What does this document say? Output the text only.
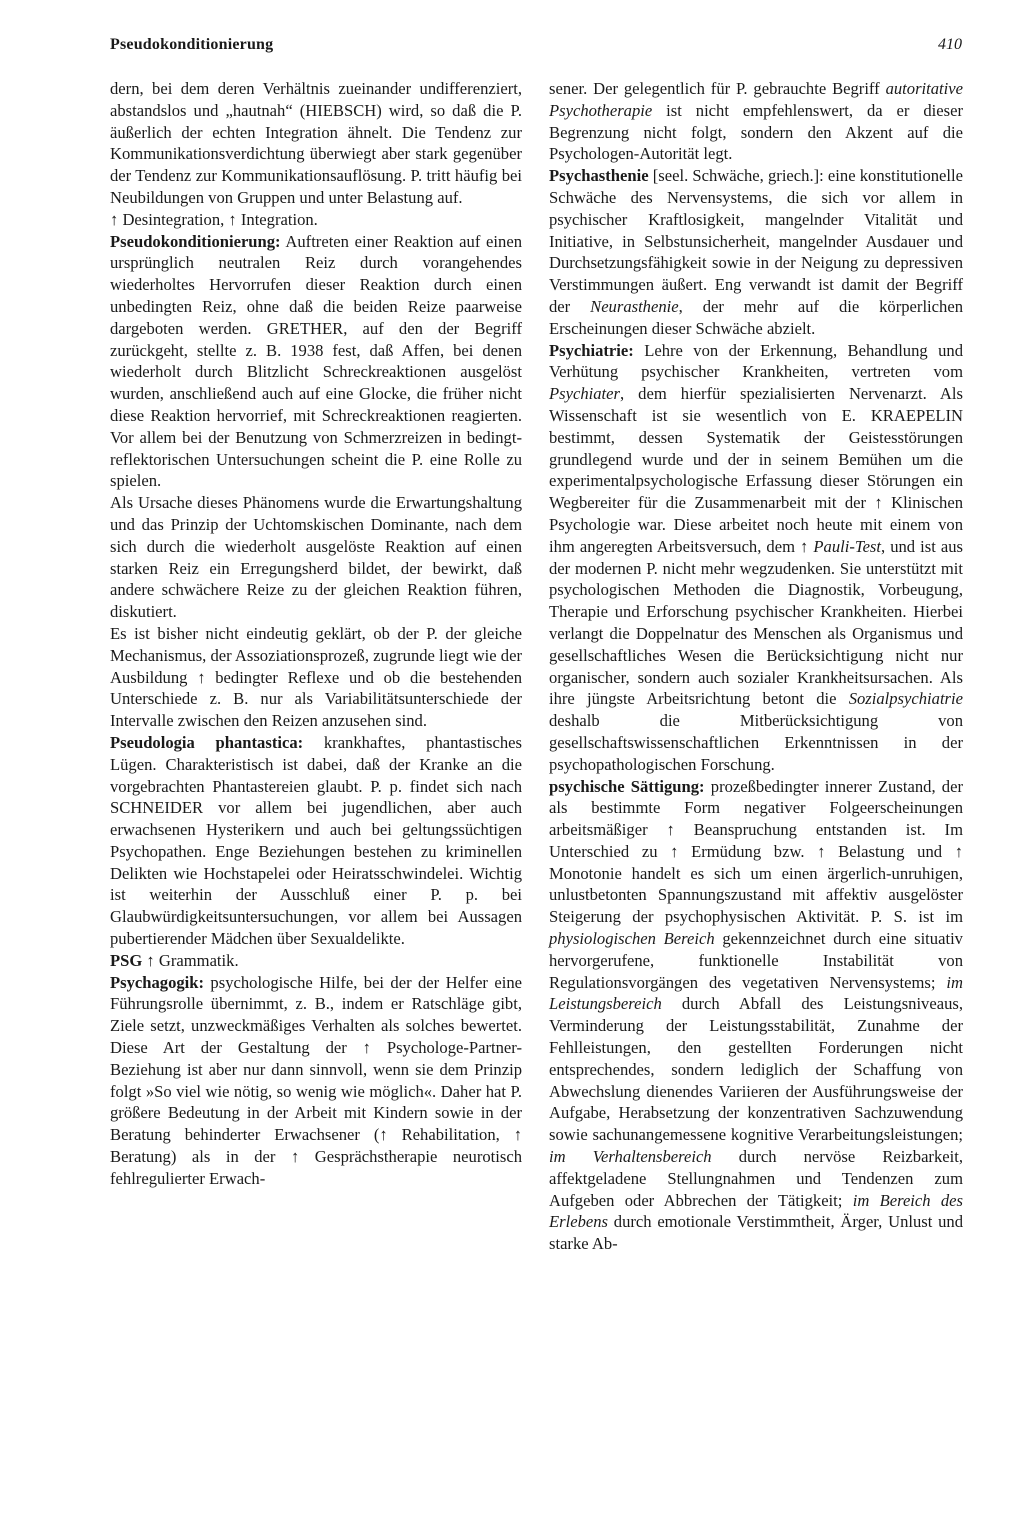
Pseudokonditionierung	410

dern, bei dem deren Verhältnis zueinander undifferenziert, abstandslos und „hautnah“ (HIEBSCH) wird, so daß die P. äußerlich der echten Integration ähnelt. Die Tendenz zur Kommunikationsverdichtung überwiegt aber stark gegenüber der Tendenz zur Kommunikationsauflösung. P. tritt häufig bei Neubildungen von Gruppen und unter Belastung auf.

↑ Desintegration, ↑ Integration.

Pseudokonditionierung: Auftreten einer Reaktion auf einen ursprünglich neutralen Reiz durch vorangehendes wiederholtes Hervorrufen dieser Reaktion durch einen unbedingten Reiz, ohne daß die beiden Reize paarweise dargeboten werden. GRETHER, auf den der Begriff zurückgeht, stellte z. B. 1938 fest, daß Affen, bei denen wiederholt durch Blitzlicht Schreckreaktionen ausgelöst wurden, anschließend auch auf eine Glocke, die früher nicht diese Reaktion hervorrief, mit Schreckreaktionen reagierten. Vor allem bei der Benutzung von Schmerzreizen in bedingt-reflektorischen Untersuchungen scheint die P. eine Rolle zu spielen.

Als Ursache dieses Phänomens wurde die Erwartungshaltung und das Prinzip der Uchtomskischen Dominante, nach dem sich durch die wiederholt ausgelöste Reaktion auf einen starken Reiz ein Erregungsherd bildet, der bewirkt, daß andere schwächere Reize zu der gleichen Reaktion führen, diskutiert.

Es ist bisher nicht eindeutig geklärt, ob der P. der gleiche Mechanismus, der Assoziationsprozeß, zugrunde liegt wie der Ausbildung ↑ bedingter Reflexe und ob die bestehenden Unterschiede z. B. nur als Variabilitätsunterschiede der Intervalle zwischen den Reizen anzusehen sind.

Pseudologia phantastica: krankhaftes, phantastisches Lügen. Charakteristisch ist dabei, daß der Kranke an die vorgebrachten Phantastereien glaubt. P. p. findet sich nach SCHNEIDER vor allem bei jugendlichen, aber auch erwachsenen Hysterikern und auch bei geltungssüchtigen Psychopathen. Enge Beziehungen bestehen zu kriminellen Delikten wie Hochstapelei oder Heiratsschwindelei. Wichtig ist weiterhin der Ausschluß einer P. p. bei Glaubwürdigkeitsuntersuchungen, vor allem bei Aussagen pubertierender Mädchen über Sexualdelikte.

PSG ↑ Grammatik.

Psychagogik: psychologische Hilfe, bei der der Helfer eine Führungsrolle übernimmt, z. B., indem er Ratschläge gibt, Ziele setzt, unzweckmäßiges Verhalten als solches bewertet. Diese Art der Gestaltung der ↑ Psychologe-Partner-Beziehung ist aber nur dann sinnvoll, wenn sie dem Prinzip folgt »So viel wie nötig, so wenig wie möglich«. Daher hat P. größere Bedeutung in der Arbeit mit Kindern sowie in der Beratung behinderter Erwachsener (↑ Rehabilitation, ↑ Beratung) als in der ↑ Gesprächstherapie neurotisch fehlregulierter Erwach-

sener. Der gelegentlich für P. gebrauchte Begriff autoritative Psychotherapie ist nicht empfehlenswert, da er dieser Begrenzung nicht folgt, sondern den Akzent auf die Psychologen-Autorität legt.

Psychasthenie [seel. Schwäche, griech.]: eine konstitutionelle Schwäche des Nervensystems, die sich vor allem in psychischer Kraftlosigkeit, mangelnder Vitalität und Initiative, in Selbstunsicherheit, mangelnder Ausdauer und Durchsetzungsfähigkeit sowie in der Neigung zu depressiven Verstimmungen äußert. Eng verwandt ist damit der Begriff der Neurasthenie, der mehr auf die körperlichen Erscheinungen dieser Schwäche abzielt.

Psychiatrie: Lehre von der Erkennung, Behandlung und Verhütung psychischer Krankheiten, vertreten vom Psychiater, dem hierfür spezialisierten Nervenarzt. Als Wissenschaft ist sie wesentlich von E. KRAEPELIN bestimmt, dessen Systematik der Geistesstörungen grundlegend wurde und der in seinem Bemühen um die experimentalpsychologische Erfassung dieser Störungen ein Wegbereiter für die Zusammenarbeit mit der ↑ Klinischen Psychologie war. Diese arbeitet noch heute mit einem von ihm angeregten Arbeitsversuch, dem ↑ Pauli-Test, und ist aus der modernen P. nicht mehr wegzudenken. Sie unterstützt mit psychologischen Methoden die Diagnostik, Vorbeugung, Therapie und Erforschung psychischer Krankheiten. Hierbei verlangt die Doppelnatur des Menschen als Organismus und gesellschaftliches Wesen die Berücksichtigung nicht nur organischer, sondern auch sozialer Krankheitsursachen. Als ihre jüngste Arbeitsrichtung betont die Sozialpsychiatrie deshalb die Mitberücksichtigung von gesellschaftswissenschaftlichen Erkenntnissen in der psychopathologischen Forschung.

psychische Sättigung: prozeßbedingter innerer Zustand, der als bestimmte Form negativer Folgeerscheinungen arbeitsmäßiger ↑ Beanspruchung entstanden ist. Im Unterschied zu ↑ Ermüdung bzw. ↑ Belastung und ↑ Monotonie handelt es sich um einen ärgerlich-unruhigen, unlustbetonten Spannungszustand mit affektiv ausgelöster Steigerung der psychophysischen Aktivität. P. S. ist im physiologischen Bereich gekennzeichnet durch eine situativ hervorgerufene, funktionelle Instabilität von Regulationsvorgängen des vegetativen Nervensystems; im Leistungsbereich durch Abfall des Leistungsniveaus, Verminderung der Leistungsstabilität, Zunahme der Fehlleistungen, den gestellten Forderungen nicht entsprechendes, sondern lediglich der Schaffung von Abwechslung dienendes Variieren der Ausführungsweise der Aufgabe, Herabsetzung der konzentrativen Sachzuwendung sowie sachunangemessene kognitive Verarbeitungsleistungen; im Verhaltensbereich durch nervöse Reizbarkeit, affektgeladene Stellungnahmen und Tendenzen zum Aufgeben oder Abbrechen der Tätigkeit; im Bereich des Erlebens durch emotionale Verstimmtheit, Ärger, Unlust und starke Ab-
